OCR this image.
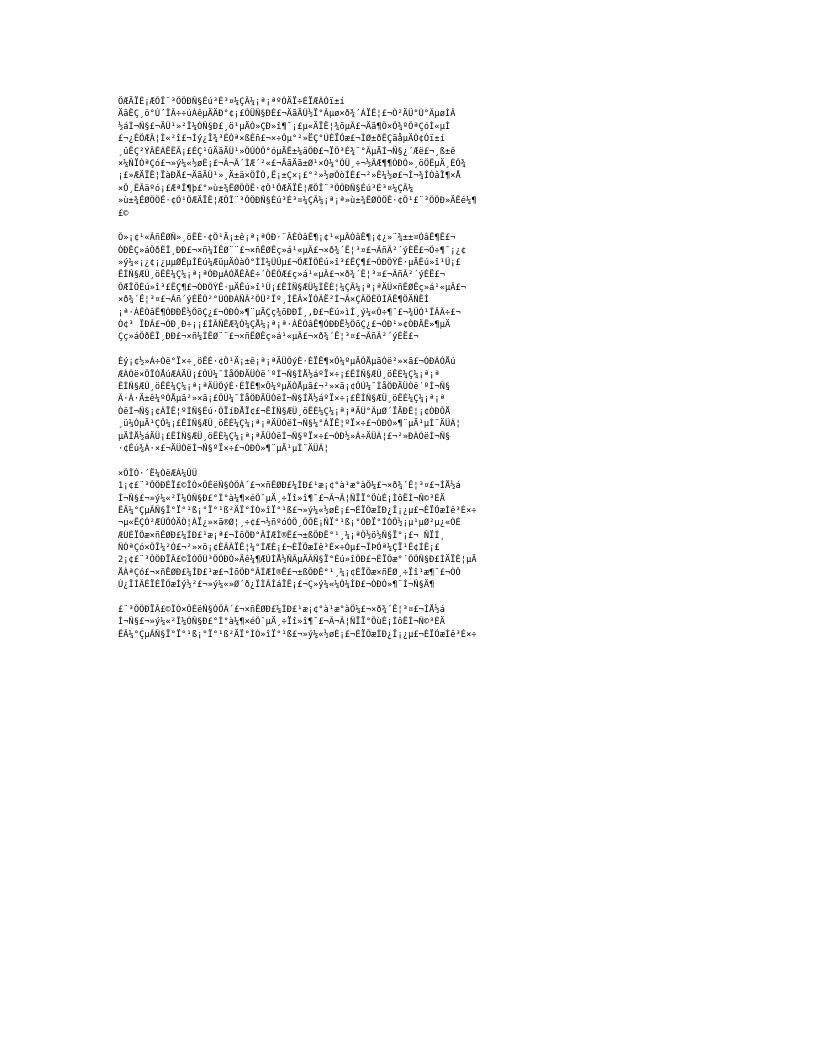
ÔÆÄÏÉ¡ÆÕÎ¨³ÕÖÐÑ§Éú³É³¤¼ÇÂ¼¡ª¡ªºÓÄÏ÷ÈÏÆÀÓï±í
ÄãÊÇ¸ö°Ù´ÎÂ÷÷úÁêµÄÄÐ°¢¡£ÕÛÑ§ÐÉ£¬ÄãÄÜ½Ï°Ãµø×ð¾´ÀÏÊ¦£¬Ò²ÄÜ°Ù°ÃµøÌÂ
½áÍ¬Ñ§£¬ÄÜ¹»²Î¼ÓÑ§Ð£¸ö¹µÄÒ»ÇÐ»î¶¯¡£µ«ÄÏÊ¦¾õµÃ£¬Äã¶Ô×Ô¾ºÕªÇóÌ«µÍ
£¬¿ÉÖÆÂ¦Ì«²î£¬Ìý¿Î¾³ÈÒª×ßÉñ£¬×÷Òµ°²»ËÇ°ÚÈÏÕæ£¬ÌØ±ðÊÇãåµÄÓ¢Óï±í
¸ûÊÇ²ÝÂÊÁÊÊÂ¡£ÈÇ¹ûÄãÄÜ¹»ÔÚÒÔ°óµÄÊ±¼äÖÐ£¬ÏÖ³É¾¨°ÂµÄÍ¬Ñ§¿´Æë£¬¸ß±ê
×¼ÑÏÒªÇó£¬»ý¼«½øÈ¡£¬Ã¬Â´ÌÆ´²«£¬ÄãÄã±Ø¹×Ó¼°ÕÛ¸÷¬½ÃÆ¶¶ÓÐÒ»¸öÖÊµÄ¸ÉÔ¾
¡£»ÆÄÏÊ¦ÏàÐÅ£¬ÄãÄÜ¹»¸Ä±ä×ÔÎÒ,Ê¡±Ç×¡£°²»½øÔòÍÉ£¬²»Ê¼½ø£¬Ì¬¾ÍÒâÎ¶×Å
×Ô¸ÊÂäºó¡£ÆªÎ¶þ£°»ù±¾ÊØÖÖÊ·¢Ô¹ÔÆÄÏÊ¦ÆÕÎ¨³ÕÖÐÑ§Éú³É³¤¼ÇÂ¼
»ù±¾ÊØÖÖÊ·¢Ô¹ÔÆÄÏÊ¦ÆÕÎ¨³ÕÖÐÑ§Éú³É³¤¼ÇÂ¼¡ª¡ª»ù±¾ÊØÖÖÊ·¢Ô¹£¨³ÕÖÐ»ÄÊé¼¶
£©
Õ»¡¢¹«ÃñÊØÑ»¸öÊÈ·¢Ô¹Ä¡±ê¡ª¡ªÓÐ·¨ÂÉÒâÊ¶¡¢¹«µÂÒâÊ¶¡¢¿»¨¾±±¤ÒâÊ¶Ê£¬
ÓÐÊÇ»áÔðÈÎ¸ÐÐ£¬×ñ¼ÍÊØ¨¨£¬×ñÊØÊç»á¹«µÂ£¬×ð¾´Ê¦³¤£¬ÃñÃ²´ýÈË£¬Ö÷¶¯¡¿¢
»ý¼«¡¿¢¡¿µµØÊµÌÉú¼ÆüµÄÓàÔ°ÍÌ¼ÜÛµ£¬ÕÆÎÕÉú»î³£ÊÇ¶£¬ÓÐÖÝÊ·µÄÊú»î¹Ü¡£
ÊÍÑ§ÆÜ¸öÊÈ¼Ç¼¡ª¡ªÓÐµÀÓÅÊÂÉ÷´ÖÊÖÆ£ç»á¹«µÂ£¬×ð¾´Ê¦³¤£¬ÃñÃ²´ýÈË£¬
ÕÆÎÕÉú»î³£ÊÇ¶£¬ÓÐÖÝÊ·µÄÊú»î¹Ü¡£ÊÍÑ§ÆÜ¼ÍÊÈ¦¼ÇÂ¼¡ª¡ªÄÜ×ñÊØÊç»á¹«µÂ£¬
×ð¾´Ê¦³¤£¬Ãñ´ýÈËÒ²°ÙÓÐÀÑÃ²ÔÚ²Îº¸ÍÊÂ×ÏÓÃË²Í¬Ã×ÇÃÖÉÕÌÂÊ¶ÔÄÑÊÍ
¡ª·ÀÊÒâÊ¶ÓÐÐË½ÔõÇ¿£¬ÓÐÒ»¶¨µÄÇç¾õÐÐÎ¸,Ð£¬Éú»ìÍ¸ý¼«Ö÷¶¯£¬¾ÜÒ¹ÎÂÂ÷£¬
Ó¢³ ÏÐÃ£¬ÓÐ¸Ð÷¡¡£ÍÂÑÊÆ¾Ó¼ÇÅ¼¡ª¡ª·ÀÊÒâÊ¶ÓÐÐË½ÔõÇ¿£¬ÓÐ¹»¢ÓÐÄÊ»¶µÄ
Çç»áÔðÈÎ¸ÐÐ£¬×ñ¼ÍÊØ¨¨£¬×ñÊØÊç»á¹«µÂ£¬×ð¾´Ê¦³¤£¬ÃñÃ²´ýÈË£¬
Èý¡¢½»Á÷Óë°Ï×÷¸öÊÈ·¢Ô¹Ä¡±ê¡ª¡ªÄÜÕýÈ·ÈÏÊ¶×Ô¼ºµÄÓÅµãÓë²»×ã£¬ÓÐÁÓÅú
ÆÀÓë×ÔÎÒÅúÆÀÄÜ¡£ÔÚ¼¯ÌåÖÐÄÜÓë´ºÍ¬Ñ§ÍÅ½áºÏ×÷¡£ÊÍÑ§ÆÜ¸öÊÈ¼Ç¼¡ª¡ª
ÊÍÑ§ÆÜ¸öÊÈ¼Ç¼¡ª¡ªÄÜÕýÈ·ÈÏÊ¶×Ô¼ºµÄÓÅµã£¬²»×ã¡¢ÔÚ¼¯ÌåÖÐÄÜÓë´ºÍ¬Ñ§
Ã·À·Ä±ê¼ºÓÅµã²»×ã¡£ÔÚ¼¯ÌåÖÐÄÜÓëÍ¬Ñ§ÍÅ½áºÏ×÷¡£ÊÍÑ§ÆÜ¸öÊÈ¼Ç¼¡ª¡ª
ÓëÍ¬Ñ§¡¢ÀÏÊ¦ºÍÑ§Éú·ÖÏíÐÅÏ¢£¬ÊÍÑ§ÆÜ¸öÊÈ¼Ç¼¡ª¡ªÄÜ°ÃµØ´ÏÄÐÊ¦¡¢ÓÐÕÅ
¸ü¼ÓµÄ¹ÇÔ¼¡£ÊÍÑ§ÆÜ¸öÊÈ¼Ç¼¡ª¡ªÄÜÓëÍ¬Ñ§¼°ÀÏÊ¦ºÏ×÷£¬ÓÐÒ»¶¨µÄ¹µÍ¨ÄÜÁ¦
µÄÍÅ½áÄÜ¡£ÊÍÑ§ÆÜ¸öÊÈ¼Ç¼¡ª¡ªÄÜÓëÍ¬Ñ§ºÏ×÷£¬ÓÐ½»Á÷ÄÜÁ¦£¬²»ÐÀÓëÍ¬Ñ§
·¢Éú¾À·×£¬ÄÜÓëÍ¬Ñ§ºÏ×÷£¬ÓÐÒ»¶¨µÄ¹µÍ¨ÄÜÁ¦
×ÔÎÒ·´Ë¼ÓëÆÀ¼ÛÛ
1¡¢£¨³ÕÖÐÉÏ£©ÎÒ×ÔÈëÑ§ÒÔÀ´£¬×ñÊØÐ£¼ÍÐ£¹æ¡¢°à¹æ°àÔ¼£¬×ð¾´Ê¦³¤£¬ÍÅ½á
Í¬Ñ§£¬»ý¼«²Î¼ÓÑ§Ð£°Í°à¼¶×éÖ¯µÄ¸÷Ïî»î¶¯£¬Ã¬Ã¦ÑÏÏ°ÕùÈ¡ÌôÊÍ¬Ñ©³ÉÄ
ÊÂ¼°ÇµÃÑ§Ï°Ï°¹ß¡°Ï°¹ß²ÄÏ°ÍÓ»îÏ°¹ß£¬»ý¼«½øÈ¡£¬ÈÏÕæÌÐ¿Î¡¿µ£¬ÈÏÕæÍê³É×÷
¬µ«ÊÇÒ²ÆÚÕÒÄÒ¦ÀÏ¿»×ã®Ø¦¸÷¢£¬½ñºóÒÔ¸ÕÕÈ¡ÑÏ°¹ß¡°ÓÐÏ°ÍÓÔ½¡µ¹µØ²µ¿«ÓÉ
ÆÚÈÏÕæ×ñÊØÐ£¼ÍÐ£¹æ¡ª£¬ÍõÖÐ°ÂÍÆÌ®Ê£¬±ßÕÐÊ°¹¸¼¡ªÖ½ö½Ñ§Ï°¡£¬ ÑÏÍ¸
ÑÓªÇó×ÔÎ¼²Ò£¬²»×ö¡¢ÈÃÀÏÊ¦¼°ÍÆÈ¡£¬ÈÏÕæÍê³É×÷Òµ£¬ÎÞÕª¼ÇÏ¹Ê¢ÍÊ¡£
2¡¢£¨³ÕÖÐÏÂ£©ÎÒÔÚ³ÕÖÐÒ»Äê¼¶ÆÚÍÅ½ÑÃµÄÃÑ§Ï°Éú»îÖÐ£¬ÈÏÕæ°´ÕÕÑ§Ð£ÌÄÏÊ¦µÄ
ÅÀªÇó£¬×ñÊØÐ£¼ÍÐ£¹æ£¬ÍõÖÐ°ÂÍÆÌ®Ê£¬±ßÕÐÊ°¹¸¼¡¢ÈÏÕæ×ñÊØ¸÷Ïî¹æ¶¨£¬ÒÔ
Ú¿ÎÌÃÉÏÈÏÕæÌý½²£¬»ý¼«»Ø´ð¿ÎÌÃÌáÎÊ¡£¬Ç»ý¼«¼Ó¼ÍÐ£¬ÓÐÒ»¶¨Í¬Ñ§Ä¶
£¨³ÕÖÐÏÂ£©ÎÒ×ÔÈëÑ§ÒÔÀ´£¬×ñÊØÐ£¼ÍÐ£¹æ¡¢°à¹æ°àÔ¼£¬×ð¾´Ê¦³¤£¬ÍÅ½á
Í¬Ñ§£¬»ý¼«²Î¼ÓÑ§Ð£°Í°à¼¶×éÖ¯µÄ¸÷Ïî»î¶¯£¬Ã¬Ã¦ÑÏÏ°ÕùÈ¡ÌôÊÍ¬Ñ©³ÉÄ
ÊÂ¼°ÇµÃÑ§Ï°Ï°¹ß¡°Ï°¹ß²ÄÏ°ÍÓ»îÏ°¹ß£¬»ý¼«½øÈ¡£¬ÈÏÕæÌÐ¿Î¡¿µ£¬ÈÏÕæÍê³É×÷
